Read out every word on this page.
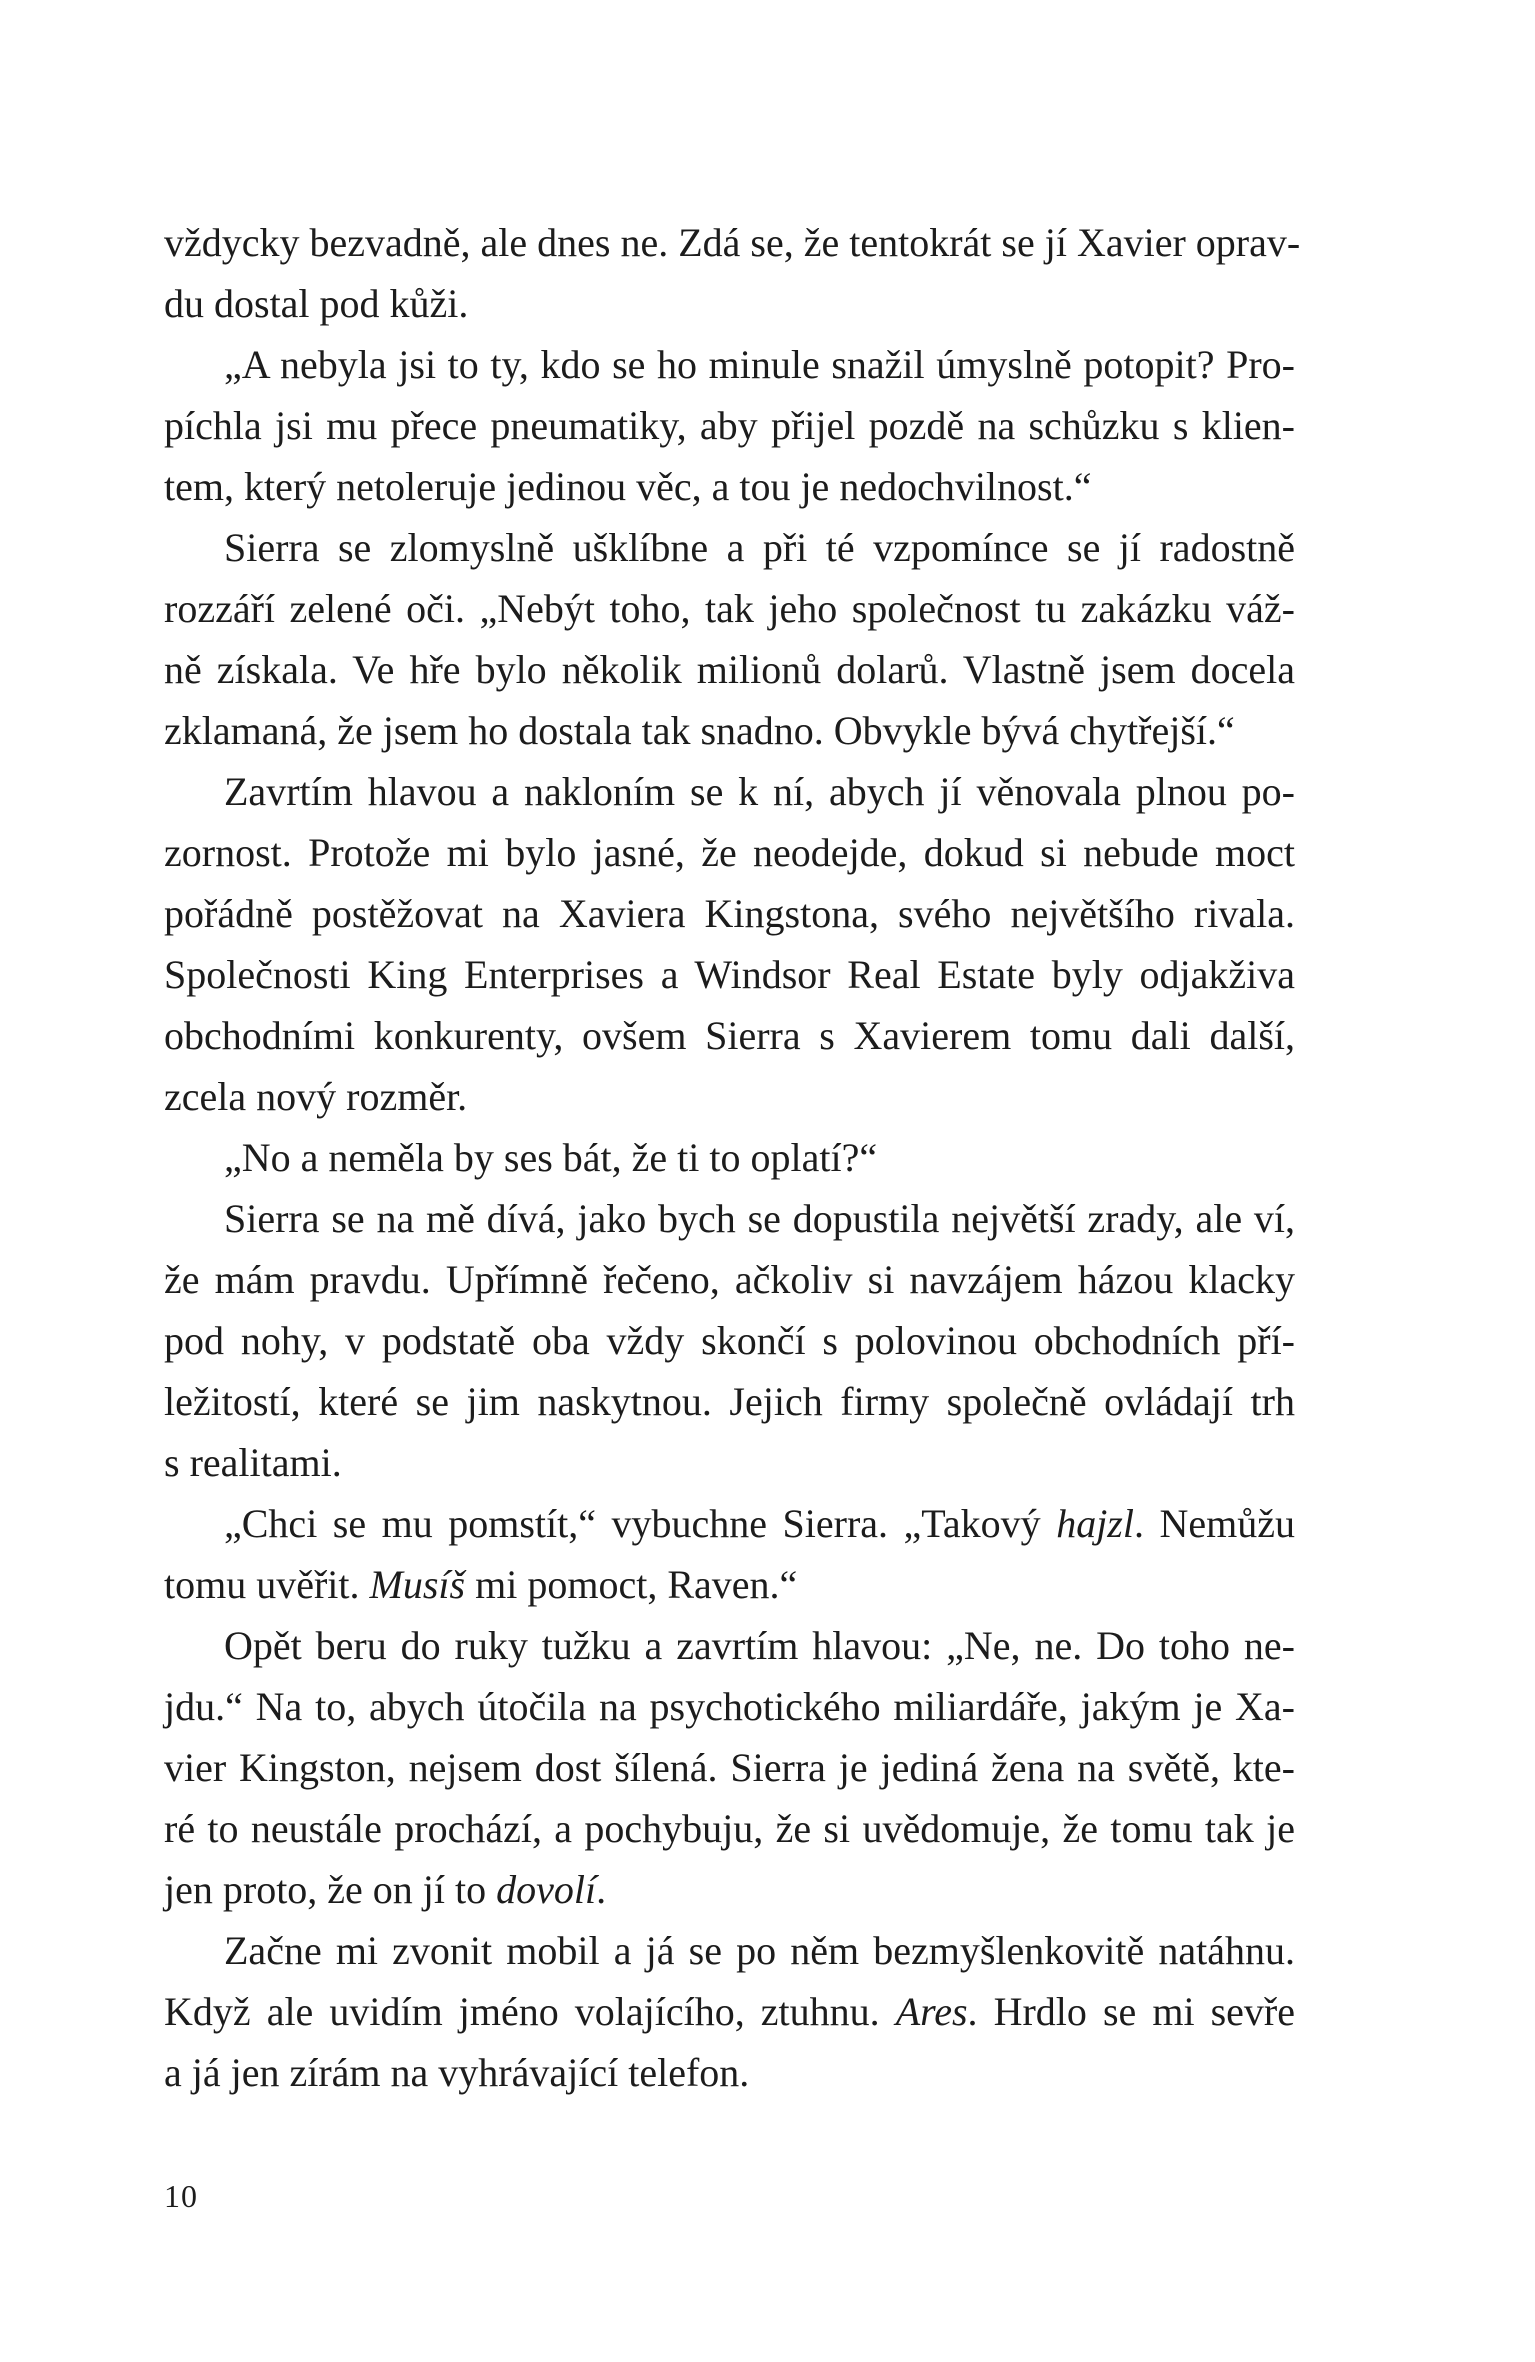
vždycky bezvadně, ale dnes ne. Zdá se, že tentokrát se jí Xavier oprav-
du dostal pod kůži.
„A nebyla jsi to ty, kdo se ho minule snažil úmyslně potopit? Pro-
píchla jsi mu přece pneumatiky, aby přijel pozdě na schůzku s klien-
tem, který netoleruje jedinou věc, a tou je nedochvilnost.“
Sierra se zlomyslně ušklíbne a při té vzpomínce se jí radostně
rozzáří zelené oči. „Nebýt toho, tak jeho společnost tu zakázku váž-
ně získala. Ve hře bylo několik milionů dolarů. Vlastně jsem docela
zklamaná, že jsem ho dostala tak snadno. Obvykle bývá chytřejší.“
Zavrtím hlavou a nakloním se k ní, abych jí věnovala plnou po-
zornost. Protože mi bylo jasné, že neodejde, dokud si nebude moct
pořádně postěžovat na Xaviera Kingstona, svého největšího rivala.
Společnosti King Enterprises a Windsor Real Estate byly odjakživa
obchodními konkurenty, ovšem Sierra s Xavierem tomu dali další,
zcela nový rozměr.
„No a neměla by ses bát, že ti to oplatí?“
Sierra se na mě dívá, jako bych se dopustila největší zrady, ale ví,
že mám pravdu. Upřímně řečeno, ačkoliv si navzájem házou klacky
pod nohy, v podstatě oba vždy skončí s polovinou obchodních pří-
ležitostí, které se jim naskytnou. Jejich firmy společně ovládají trh
s realitami.
„Chci se mu pomstít,“ vybuchne Sierra. „Takový hajzl. Nemůžu
tomu uvěřit. Musíš mi pomoct, Raven.“
Opět beru do ruky tužku a zavrtím hlavou: „Ne, ne. Do toho ne-
jdu.“ Na to, abych útočila na psychotického miliardáře, jakým je Xa-
vier Kingston, nejsem dost šílená. Sierra je jediná žena na světě, kte-
ré to neustále prochází, a pochybuju, že si uvědomuje, že tomu tak je
jen proto, že on jí to dovolí.
Začne mi zvonit mobil a já se po něm bezmyšlenkovitě natáhnu.
Když ale uvidím jméno volajícího, ztuhnu. Ares. Hrdlo se mi sevře
a já jen zírám na vyhrávající telefon.
10
